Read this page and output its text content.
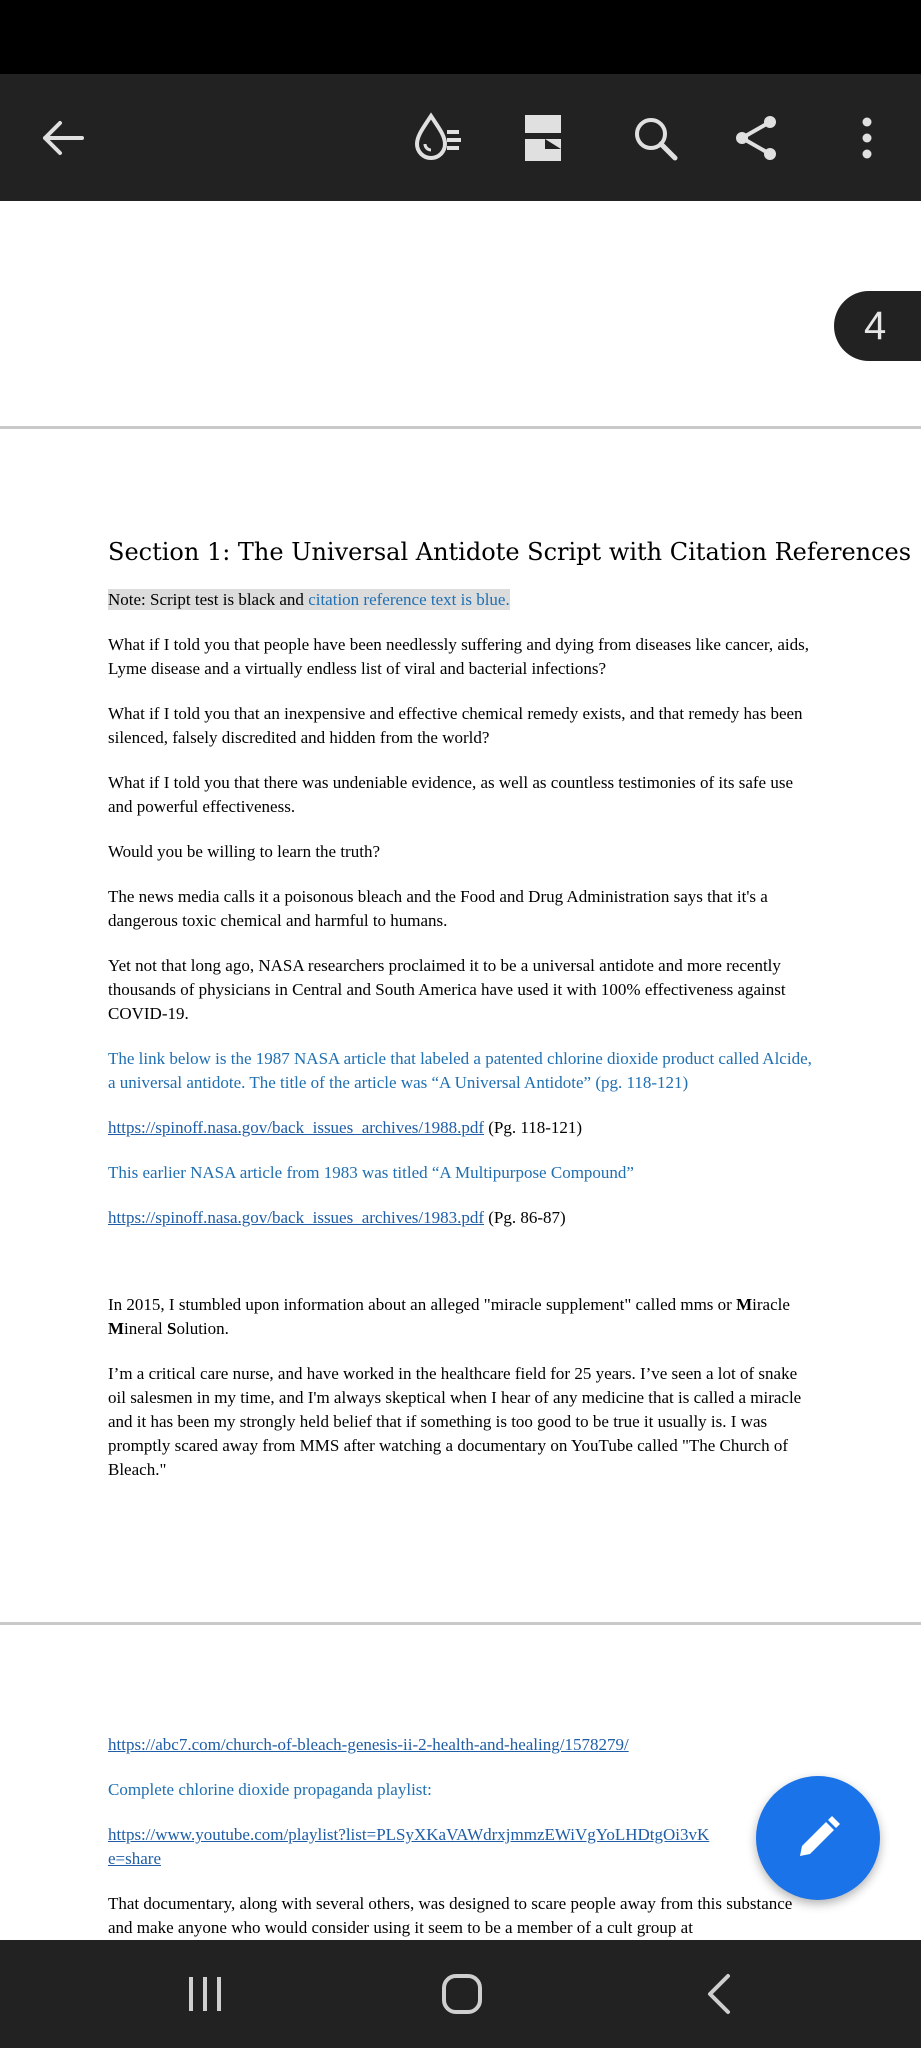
4
Section 1: The Universal Antidote Script with Citation References

Note: Script test is black and citation reference text is blue.

What if I told you that people have been needlessly suffering and dying from diseases like cancer, aids, Lyme disease and a virtually endless list of viral and bacterial infections?

What if I told you that an inexpensive and effective chemical remedy exists, and that remedy has been silenced, falsely discredited and hidden from the world?

What if I told you that there was undeniable evidence, as well as countless testimonies of its safe use and powerful effectiveness.

Would you be willing to learn the truth?

The news media calls it a poisonous bleach and the Food and Drug Administration says that it's a dangerous toxic chemical and harmful to humans.

Yet not that long ago, NASA researchers proclaimed it to be a universal antidote and more recently thousands of physicians in Central and South America have used it with 100% effectiveness against COVID-19.

The link below is the 1987 NASA article that labeled a patented chlorine dioxide product called Alcide, a universal antidote. The title of the article was “A Universal Antidote” (pg. 118-121)

https://spinoff.nasa.gov/back_issues_archives/1988.pdf (Pg. 118-121)

This earlier NASA article from 1983 was titled “A Multipurpose Compound”

https://spinoff.nasa.gov/back_issues_archives/1983.pdf (Pg. 86-87)

In 2015, I stumbled upon information about an alleged "miracle supplement" called mms or Miracle Mineral Solution.

I’m a critical care nurse, and have worked in the healthcare field for 25 years. I’ve seen a lot of snake oil salesmen in my time, and I'm always skeptical when I hear of any medicine that is called a miracle and it has been my strongly held belief that if something is too good to be true it usually is. I was promptly scared away from MMS after watching a documentary on YouTube called "The Church of Bleach."

https://abc7.com/church-of-bleach-genesis-ii-2-health-and-healing/1578279/

Complete chlorine dioxide propaganda playlist:

https://www.youtube.com/playlist?list=PLSyXKaVAWdrxjmmzEWiVgYoLHDtgOi3vK
e=share

That documentary, along with several others, was designed to scare people away from this substance and make anyone who would consider using it seem to be a member of a cult group at
